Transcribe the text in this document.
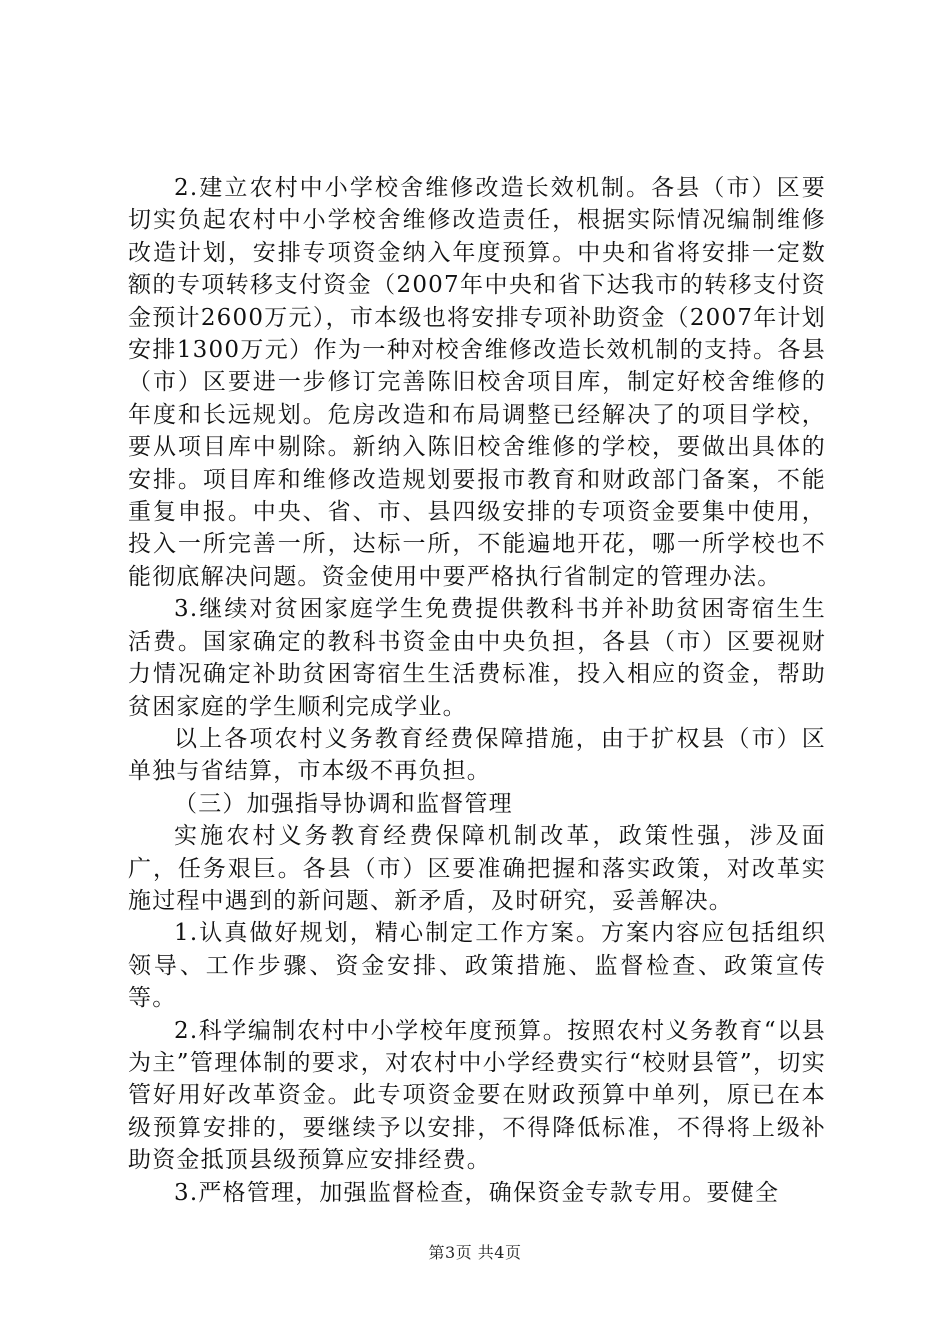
2.建立农村中小学校舍维修改造长效机制。各县（市）区要切实负起农村中小学校舍维修改造责任，根据实际情况编制维修改造计划，安排专项资金纳入年度预算。中央和省将安排一定数额的专项转移支付资金（2007年中央和省下达我市的转移支付资金预计2600万元），市本级也将安排专项补助资金（2007年计划安排1300万元）作为一种对校舍维修改造长效机制的支持。各县（市）区要进一步修订完善陈旧校舍项目库，制定好校舍维修的年度和长远规划。危房改造和布局调整已经解决了的项目学校，要从项目库中剔除。新纳入陈旧校舍维修的学校，要做出具体的安排。项目库和维修改造规划要报市教育和财政部门备案，不能重复申报。中央、省、市、县四级安排的专项资金要集中使用，投入一所完善一所，达标一所，不能遍地开花，哪一所学校也不能彻底解决问题。资金使用中要严格执行省制定的管理办法。

3.继续对贫困家庭学生免费提供教科书并补助贫困寄宿生生活费。国家确定的教科书资金由中央负担，各县（市）区要视财力情况确定补助贫困寄宿生生活费标准，投入相应的资金，帮助贫困家庭的学生顺利完成学业。

以上各项农村义务教育经费保障措施，由于扩权县（市）区单独与省结算，市本级不再负担。

（三）加强指导协调和监督管理

实施农村义务教育经费保障机制改革，政策性强，涉及面广，任务艰巨。各县（市）区要准确把握和落实政策，对改革实施过程中遇到的新问题、新矛盾，及时研究，妥善解决。

1.认真做好规划，精心制定工作方案。方案内容应包括组织领导、工作步骤、资金安排、政策措施、监督检查、政策宣传等。

2.科学编制农村中小学校年度预算。按照农村义务教育“以县为主”管理体制的要求，对农村中小学经费实行“校财县管”，切实管好用好改革资金。此专项资金要在财政预算中单列，原已在本级预算安排的，要继续予以安排，不得降低标准，不得将上级补助资金抵顶县级预算应安排经费。

3.严格管理，加强监督检查，确保资金专款专用。要健全

第3页 共4页
